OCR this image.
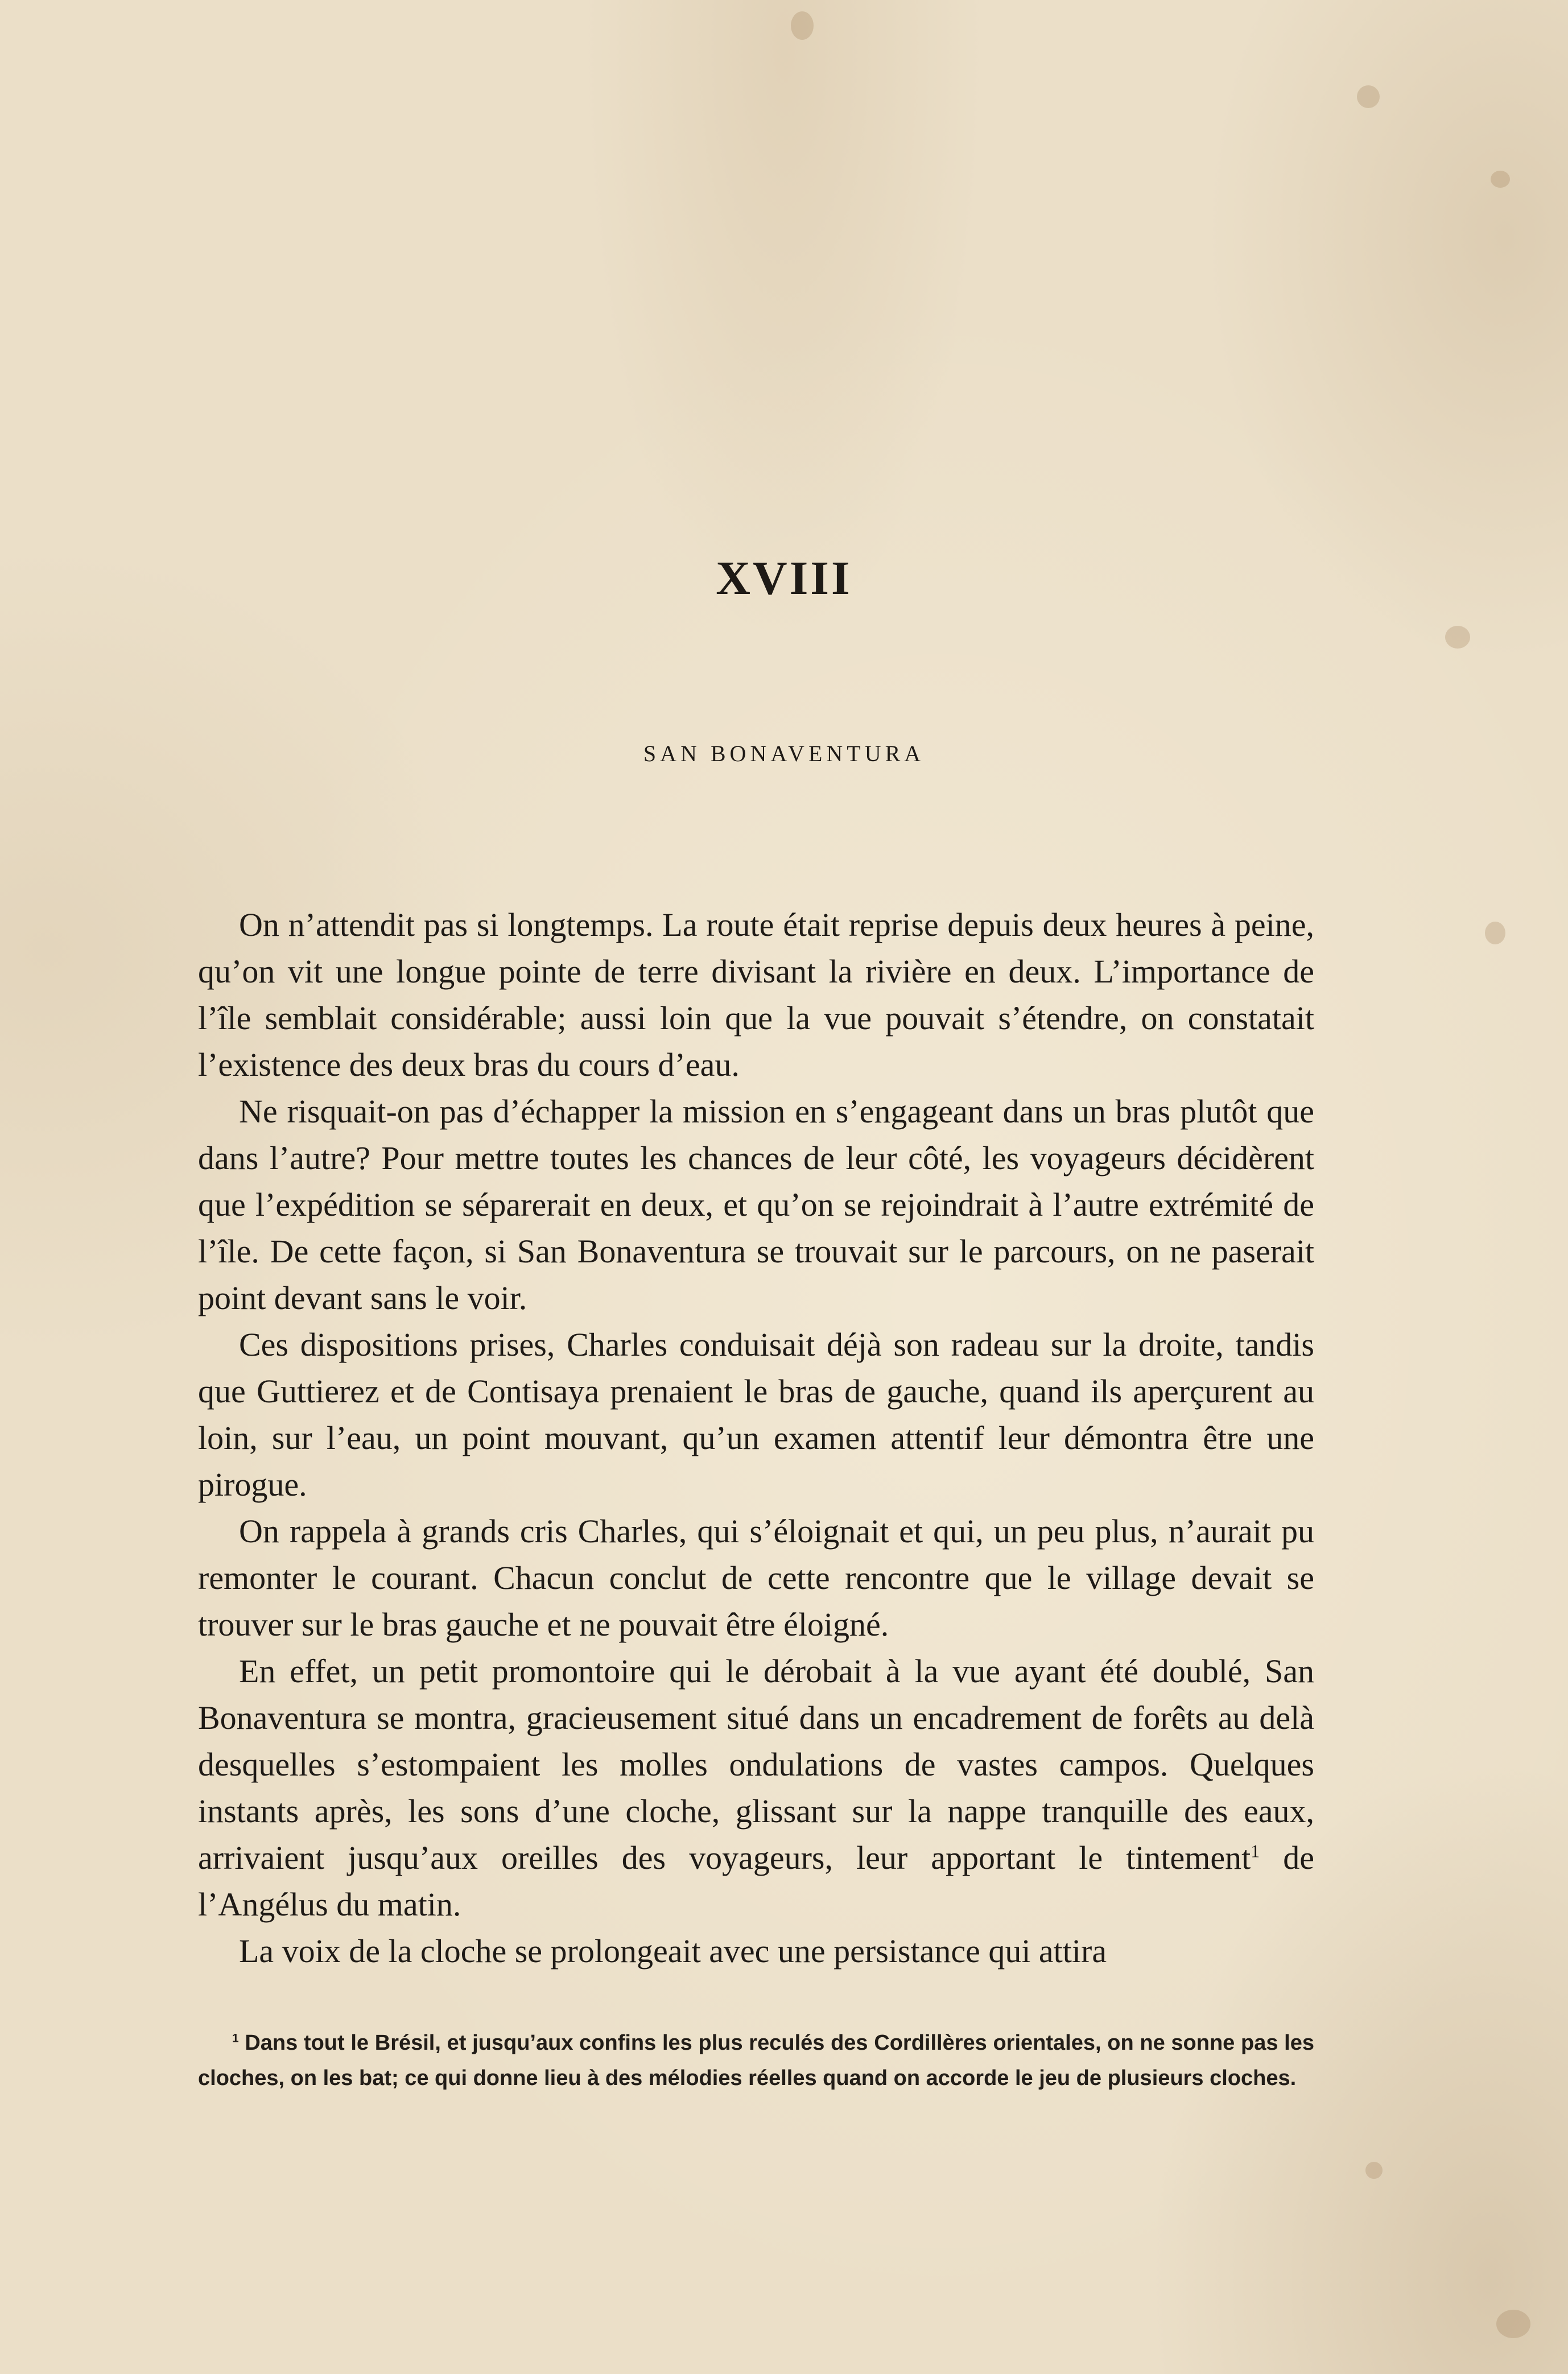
XVIII
SAN BONAVENTURA

On n’attendit pas si longtemps. La route était reprise depuis deux heures à peine, qu’on vit une longue pointe de terre divisant la rivière en deux. L’importance de l’île semblait considérable; aussi loin que la vue pouvait s’étendre, on constatait l’existence des deux bras du cours d’eau.

Ne risquait-on pas d’échapper la mission en s’engageant dans un bras plutôt que dans l’autre? Pour mettre toutes les chances de leur côté, les voyageurs décidèrent que l’expédition se séparerait en deux, et qu’on se rejoindrait à l’autre extrémité de l’île. De cette façon, si San Bonaventura se trouvait sur le parcours, on ne paserait point devant sans le voir.

Ces dispositions prises, Charles conduisait déjà son radeau sur la droite, tandis que Guttierez et de Contisaya prenaient le bras de gauche, quand ils aperçurent au loin, sur l’eau, un point mouvant, qu’un examen attentif leur démontra être une pirogue.

On rappela à grands cris Charles, qui s’éloignait et qui, un peu plus, n’aurait pu remonter le courant. Chacun conclut de cette rencontre que le village devait se trouver sur le bras gauche et ne pouvait être éloigné.

En effet, un petit promontoire qui le dérobait à la vue ayant été doublé, San Bonaventura se montra, gracieusement situé dans un encadrement de forêts au delà desquelles s’estompaient les molles ondulations de vastes campos. Quelques instants après, les sons d’une cloche, glissant sur la nappe tranquille des eaux, arrivaient jusqu’aux oreilles des voyageurs, leur apportant le tintement$^1$ de l’Angélus du matin.

La voix de la cloche se prolongeait avec une persistance qui attira

$^1$ Dans tout le Brésil, et jusqu’aux confins les plus reculés des Cordillères orientales, on ne sonne pas les cloches, on les bat; ce qui donne lieu à des mélodies réelles quand on accorde le jeu de plusieurs cloches.
